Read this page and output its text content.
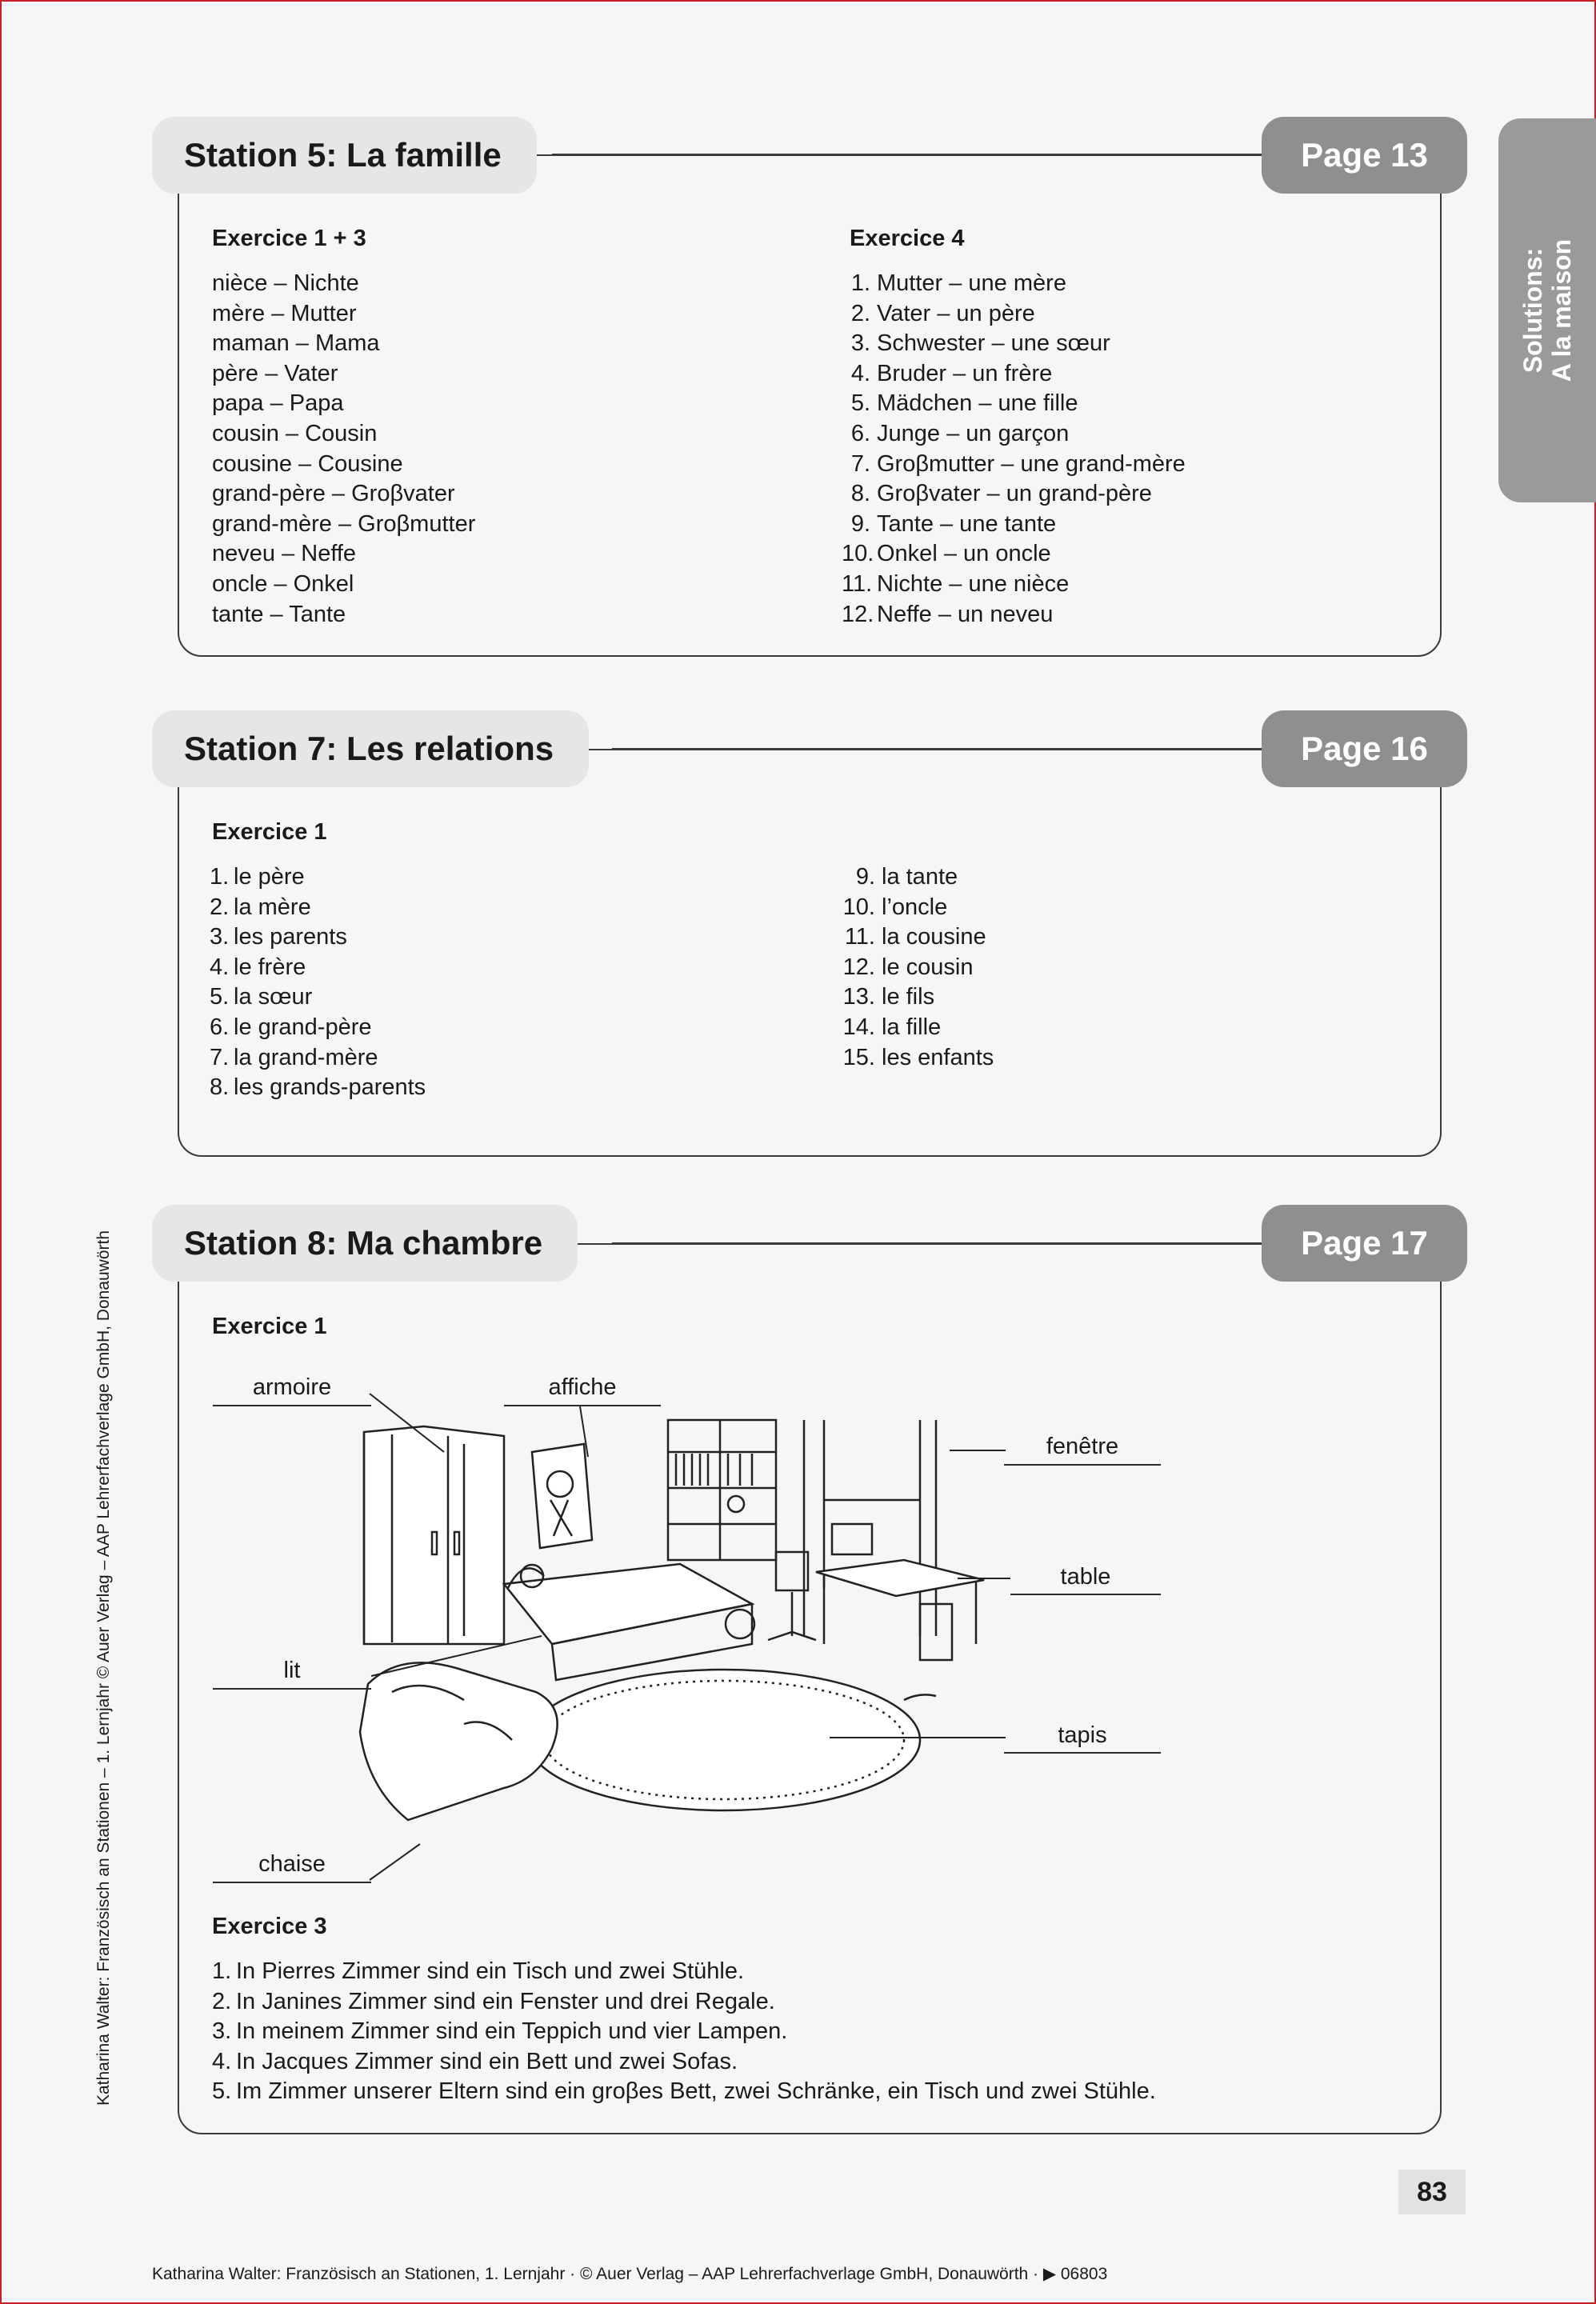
Solutions: A la maison
Station 5: La famille	Page 13
Exercice 1 + 3
nièce – Nichte
mère – Mutter
maman – Mama
père – Vater
papa – Papa
cousin – Cousin
cousine – Cousine
grand-père – Groβvater
grand-mère – Groβmutter
neveu – Neffe
oncle – Onkel
tante – Tante
Exercice 4
1. Mutter – une mère
2. Vater – un père
3. Schwester – une sœur
4. Bruder – un frère
5. Mädchen – une fille
6. Junge – un garçon
7. Groβmutter – une grand-mère
8. Groβvater – un grand-père
9. Tante – une tante
10. Onkel – un oncle
11. Nichte – une nièce
12. Neffe – un neveu
Station 7: Les relations	Page 16
Exercice 1
1. le père
2. la mère
3. les parents
4. le frère
5. la sœur
6. le grand-père
7. la grand-mère
8. les grands-parents
9. la tante
10. l’oncle
11. la cousine
12. le cousin
13. le fils
14. la fille
15. les enfants
Station 8: Ma chambre	Page 17
Exercice 1
armoire	affiche
fenêtre
table
lit
tapis
chaise
Exercice 3
1. In Pierres Zimmer sind ein Tisch und zwei Stühle.
2. In Janines Zimmer sind ein Fenster und drei Regale.
3. In meinem Zimmer sind ein Teppich und vier Lampen.
4. In Jacques Zimmer sind ein Bett und zwei Sofas.
5. Im Zimmer unserer Eltern sind ein groβes Bett, zwei Schränke, ein Tisch und zwei Stühle.
Katharina Walter: Französisch an Stationen – 1. Lernjahr © Auer Verlag – AAP Lehrerfachverlage GmbH, Donauwörth
83
Katharina Walter: Französisch an Stationen, 1. Lernjahr · © Auer Verlag – AAP Lehrerfachverlage GmbH, Donauwörth · ▶ 06803
